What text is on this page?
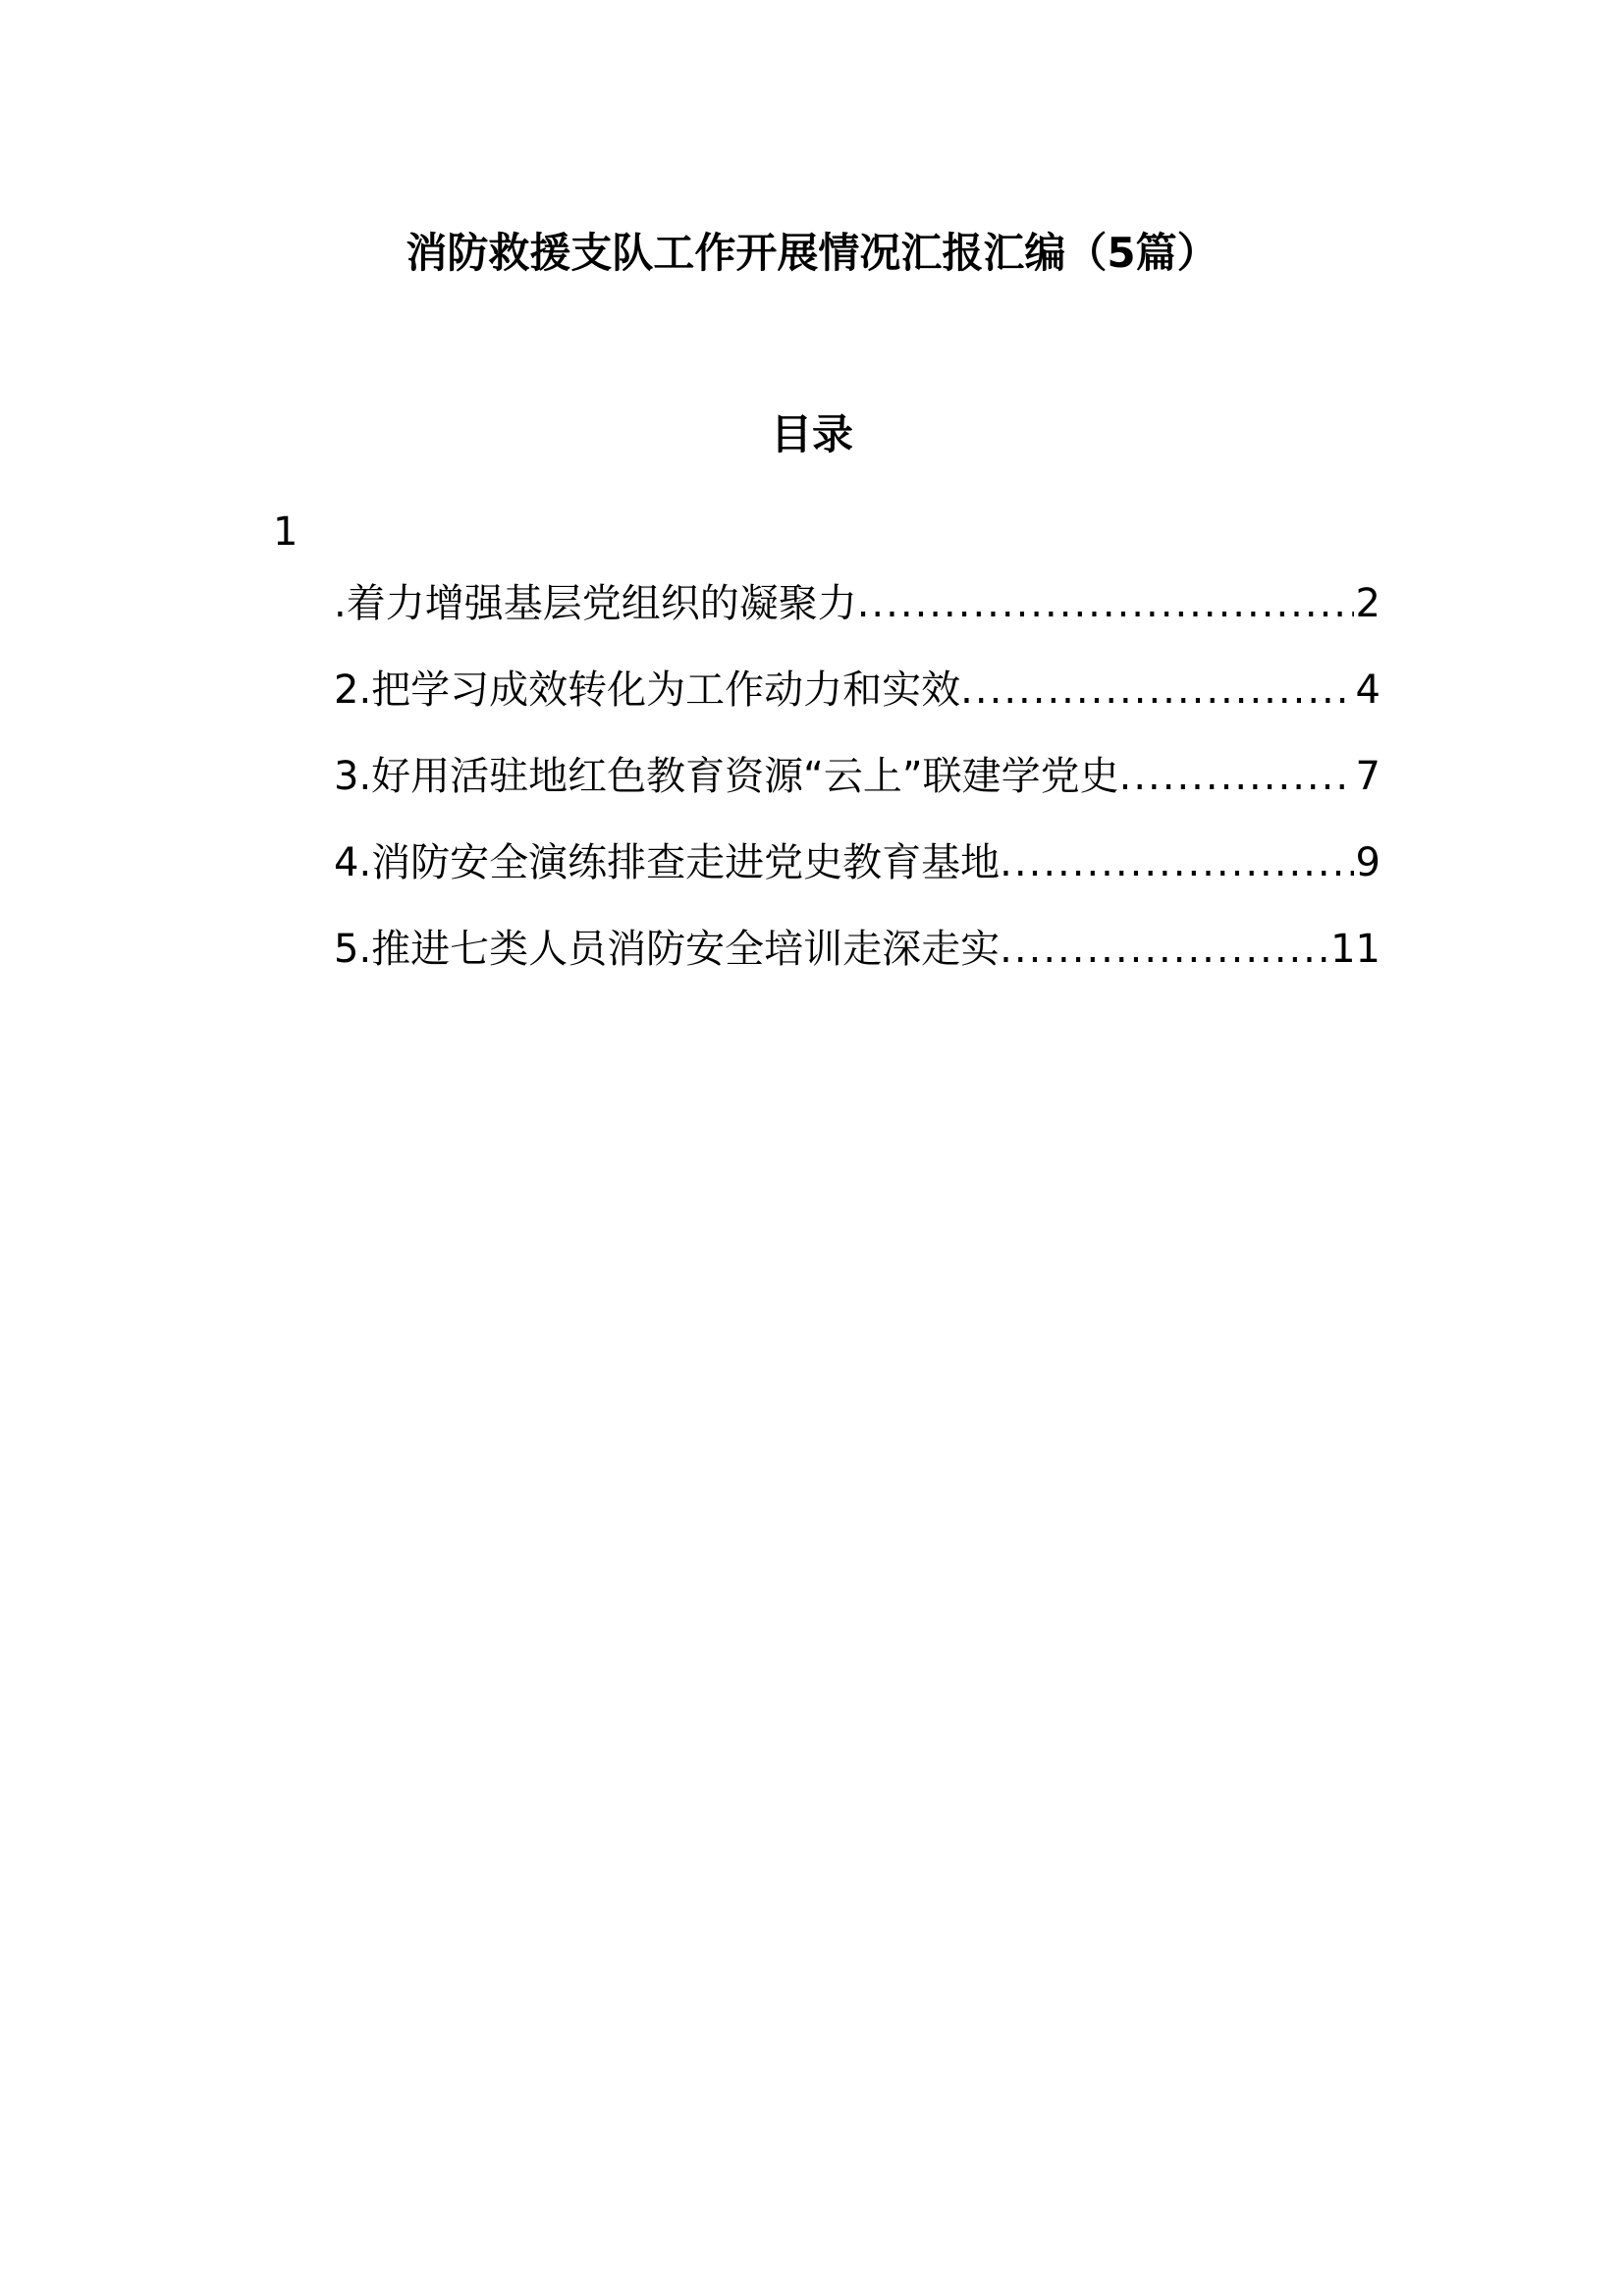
消防救援支队工作开展情况汇报汇编（5篇）
目录
1
.着力增强基层党组织的凝聚力 .....	2
2.把学习成效转化为工作动力和实效 .....	4
3.好用活驻地红色教育资源“云上”联建学党史 .....	7
4.消防安全演练排查走进党史教育基地 .....	9
5.推进七类人员消防安全培训走深走实 .....	11
